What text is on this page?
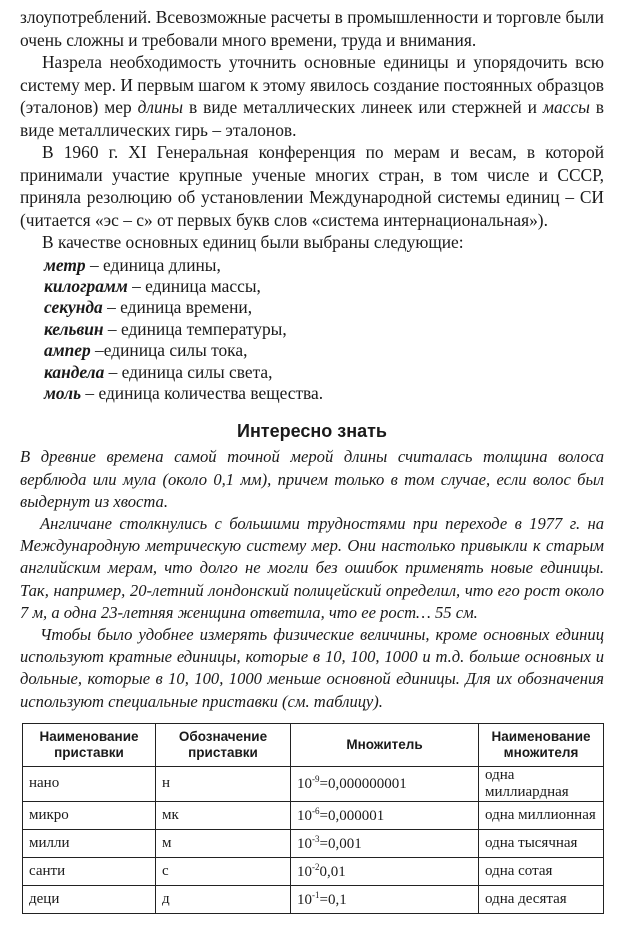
злоупотреблений. Всевозможные расчеты в промышленности и торговле были очень сложны и требовали много времени, труда и внимания.

Назрела необходимость уточнить основные единицы и упорядочить всю систему мер. И первым шагом к этому явилось создание постоянных образцов (эталонов) мер длины в виде металлических линеек или стержней и массы в виде металлических гирь – эталонов.

В 1960 г. XI Генеральная конференция по мерам и весам, в которой принимали участие крупные ученые многих стран, в том числе и СССР, приняла резолюцию об установлении Международной системы единиц – СИ (читается «эс – с» от первых букв слов «система интернациональная»).

В качестве основных единиц были выбраны следующие:

метр – единица длины,
килограмм – единица массы,
секунда – единица времени,
кельвин – единица температуры,
ампер –единица силы тока,
кандела – единица силы света,
моль – единица количества вещества.
Интересно знать

В древние времена самой точной мерой длины считалась толщина волоса верблюда или мула (около 0,1 мм), причем только в том случае, если волос был выдернут из хвоста.

Англичане столкнулись с большими трудностями при переходе в 1977 г. на Международную метрическую систему мер. Они настолько привыкли к старым английским мерам, что долго не могли без ошибок применять новые единицы. Так, например, 20-летний лондонский полицейский определил, что его рост около 7 м, а одна 23-летняя женщина ответила, что ее рост… 55 см.

Чтобы было удобнее измерять физические величины, кроме основных единиц используют кратные единицы, которые в 10, 100, 1000 и т.д. больше основных и дольные, которые в 10, 100, 1000 меньше основной единицы. Для их обозначения используют специальные приставки (см. таблицу).

Наименование приставки	Обозначение приставки	Множитель	Наименование множителя
нано	н	$10^{-9}=0,000000001$	одна миллиардная
микро	мк	$10^{-6}=0,000001$	одна миллионная
милли	м	$10^{-3}=0,001$	одна тысячная
санти	с	$10^{-2}0,01$	одна сотая
деци	д	$10^{-1}=0,1$	одна десятая
